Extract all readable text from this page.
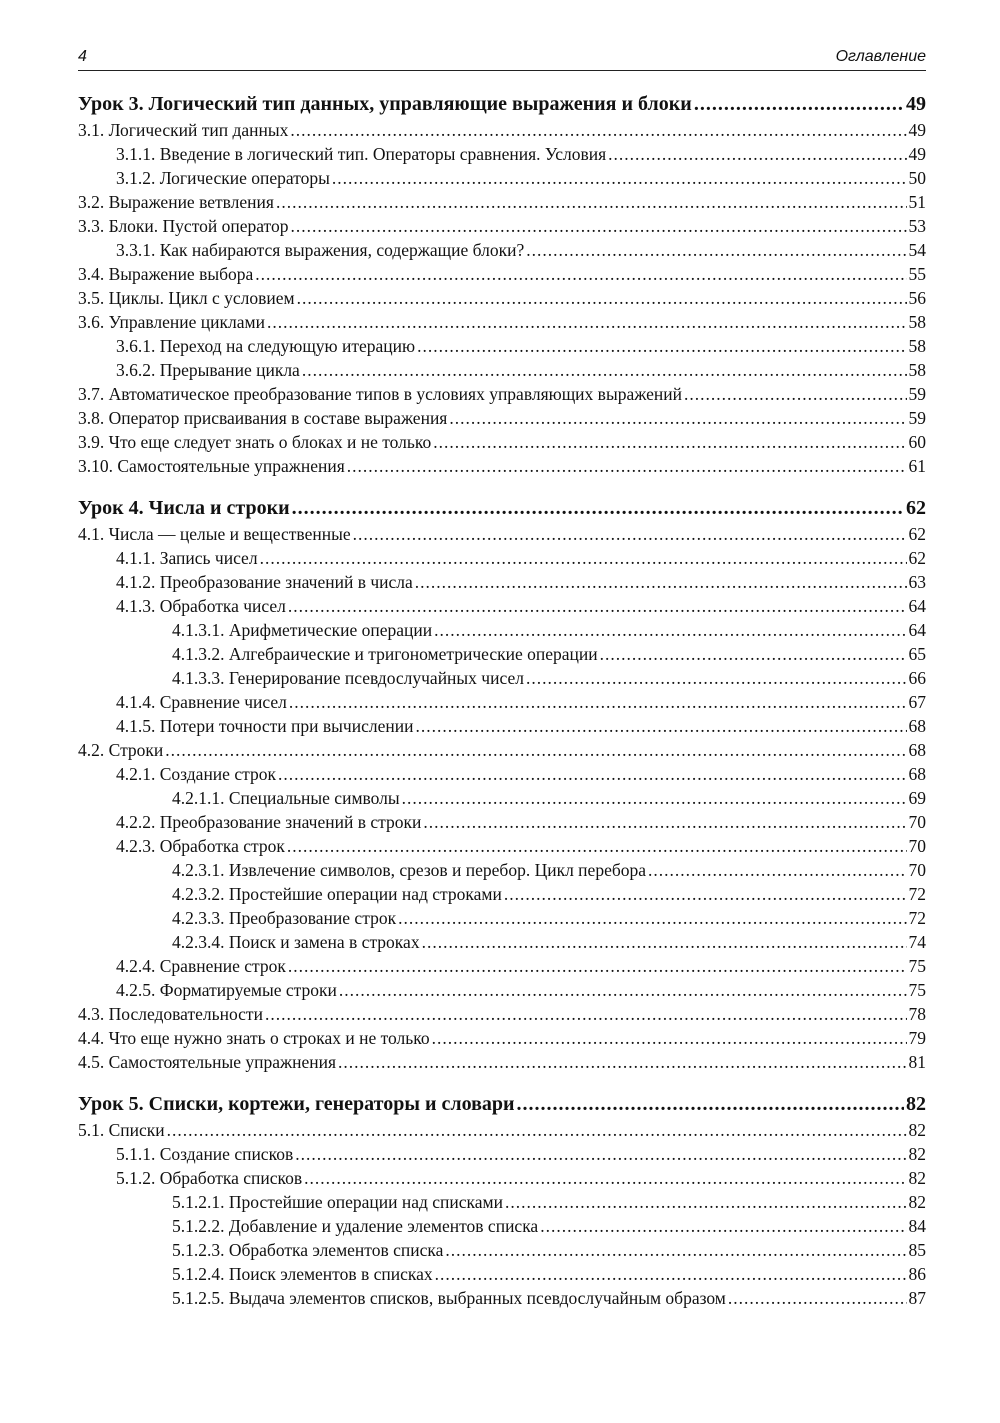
4	Оглавление
Урок 3. Логический тип данных, управляющие выражения и блоки .....	49
3.1. Логический тип данных .....	49
3.1.1. Введение в логический тип. Операторы сравнения. Условия .....	49
3.1.2. Логические операторы .....	50
3.2. Выражение ветвления .....	51
3.3. Блоки. Пустой оператор .....	53
3.3.1. Как набираются выражения, содержащие блоки? .....	54
3.4. Выражение выбора .....	55
3.5. Циклы. Цикл с условием .....	56
3.6. Управление циклами .....	58
3.6.1. Переход на следующую итерацию .....	58
3.6.2. Прерывание цикла .....	58
3.7. Автоматическое преобразование типов в условиях управляющих выражений .....	59
3.8. Оператор присваивания в составе выражения .....	59
3.9. Что еще следует знать о блоках и не только .....	60
3.10. Самостоятельные упражнения .....	61
Урок 4. Числа и строки .....	62
4.1. Числа — целые и вещественные .....	62
4.1.1. Запись чисел .....	62
4.1.2. Преобразование значений в числа .....	63
4.1.3. Обработка чисел .....	64
4.1.3.1. Арифметические операции .....	64
4.1.3.2. Алгебраические и тригонометрические операции .....	65
4.1.3.3. Генерирование псевдослучайных чисел .....	66
4.1.4. Сравнение чисел .....	67
4.1.5. Потери точности при вычислении .....	68
4.2. Строки .....	68
4.2.1. Создание строк .....	68
4.2.1.1. Специальные символы .....	69
4.2.2. Преобразование значений в строки .....	70
4.2.3. Обработка строк .....	70
4.2.3.1. Извлечение символов, срезов и перебор. Цикл перебора .....	70
4.2.3.2. Простейшие операции над строками .....	72
4.2.3.3. Преобразование строк .....	72
4.2.3.4. Поиск и замена в строках .....	74
4.2.4. Сравнение строк .....	75
4.2.5. Форматируемые строки .....	75
4.3. Последовательности .....	78
4.4. Что еще нужно знать о строках и не только .....	79
4.5. Самостоятельные упражнения .....	81
Урок 5. Списки, кортежи, генераторы и словари .....	82
5.1. Списки .....	82
5.1.1. Создание списков .....	82
5.1.2. Обработка списков .....	82
5.1.2.1. Простейшие операции над списками .....	82
5.1.2.2. Добавление и удаление элементов списка .....	84
5.1.2.3. Обработка элементов списка .....	85
5.1.2.4. Поиск элементов в списках .....	86
5.1.2.5. Выдача элементов списков, выбранных псевдослучайным образом .....	87
